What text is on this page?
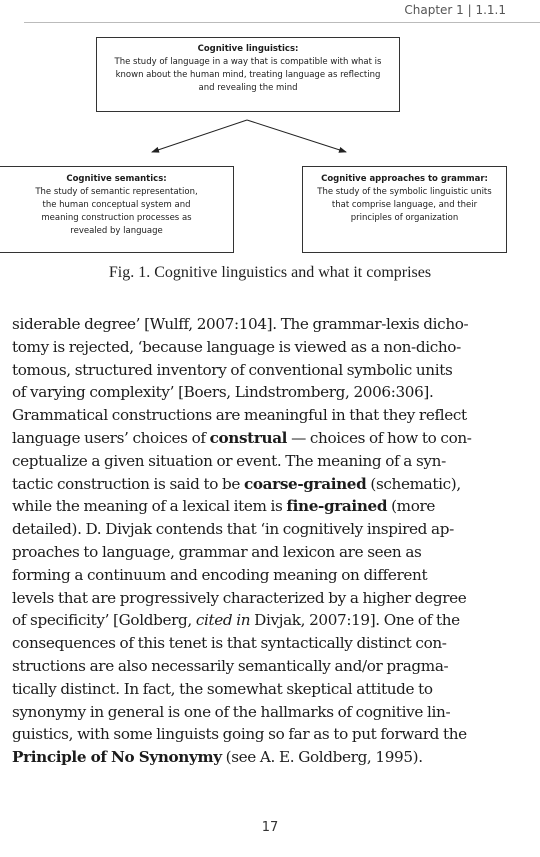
Chapter 1 | 1.1.1
Cognitive linguistics:
The study of language in a way that is compatible with what is
known about the human mind, treating language as reflecting
and revealing the mind
Cognitive semantics:
The study of semantic representation,
the human conceptual system and
meaning construction processes as
revealed by language
Cognitive approaches to grammar:
The study of the symbolic linguistic units
that comprise language, and their
principles of organization
Fig. 1. Cognitive linguistics and what it comprises
siderable degree’ [Wulff, 2007:104]. The grammar-lexis dicho-
tomy is rejected, ‘because language is viewed as a non-dicho-
tomous, structured inventory of conventional symbolic units
of varying complexity’ [Boers, Lindstromberg, 2006:306].
Grammatical constructions are meaningful in that they reflect
language users’ choices of construal — choices of how to con-
ceptualize a given situation or event. The meaning of a syn-
tactic construction is said to be coarse-grained (schematic),
while the meaning of a lexical item is fine-grained (more
detailed). D. Divjak contends that ‘in cognitively inspired ap-
proaches to language, grammar and lexicon are seen as
forming a continuum and encoding meaning on different
levels that are progressively characterized by a higher degree
of specificity’ [Goldberg, cited in Divjak, 2007:19]. One of the
consequences of this tenet is that syntactically distinct con-
structions are also necessarily semantically and/or pragma-
tically distinct. In fact, the somewhat skeptical attitude to
synonymy in general is one of the hallmarks of cognitive lin-
guistics, with some linguists going so far as to put forward the
Principle of No Synonymy (see A. E. Goldberg, 1995).
17
